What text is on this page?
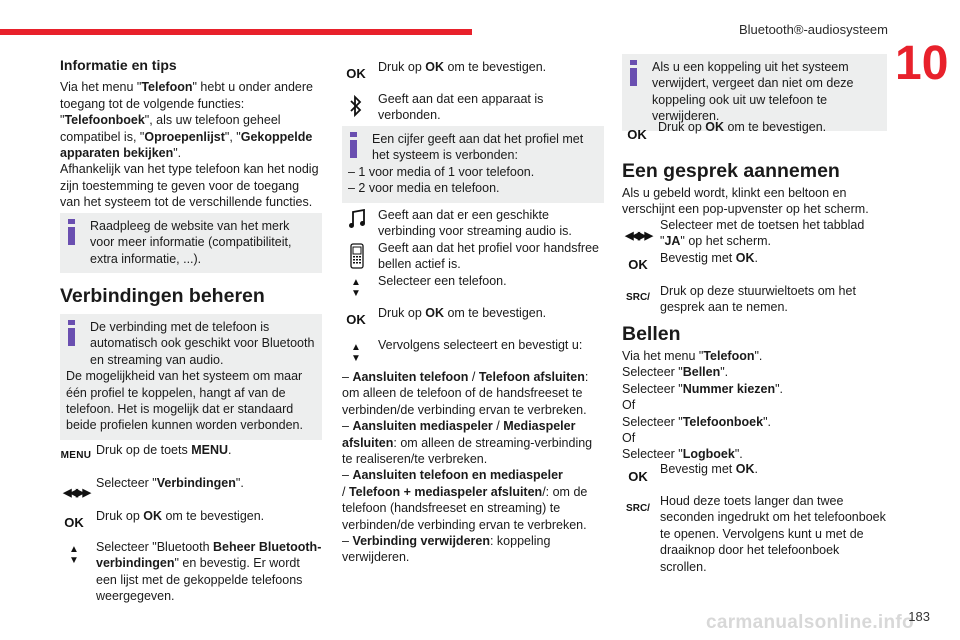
Bluetooth®-audiosysteem
10
Informatie en tips

Via het menu "Telefoon" hebt u onder andere toegang tot de volgende functies: "Telefoonboek", als uw telefoon geheel compatibel is, "Oproepenlijst", "Gekoppelde apparaten bekijken".

Afhankelijk van het type telefoon kan het nodig zijn toestemming te geven voor de toegang van het systeem tot de verschillende functies.

Raadpleeg de website van het merk voor meer informatie (compatibiliteit, extra informatie, ...).

Verbindingen beheren

De verbinding met de telefoon is automatisch ook geschikt voor Bluetooth en streaming van audio.

De mogelijkheid van het systeem om maar één profiel te koppelen, hangt af van de telefoon. Het is mogelijk dat er standaard beide profielen kunnen worden verbonden.

MENU Druk op de toets MENU.
◀◀▶▶
Selecteer "Verbindingen".
OK Druk op OK om te bevestigen.
▲
▼
Selecteer "Bluetooth Beheer Bluetooth-verbindingen" en bevestig. Er wordt een lijst met de gekoppelde telefoons weergegeven.
OK Druk op OK om te bevestigen.
Geeft aan dat een apparaat is verbonden.

Een cijfer geeft aan dat het profiel met het systeem is verbonden:

– 1 voor media of 1 voor telefoon.

– 2 voor media en telefoon.

Geeft aan dat er een geschikte verbinding voor streaming audio is.
Geeft aan dat het profiel voor handsfree bellen actief is.
▲
▼
Selecteer een telefoon.
OK Druk op OK om te bevestigen.
▲
▼
Vervolgens selecteert en bevestigt u:

– Aansluiten telefoon / Telefoon afsluiten: om alleen de telefoon of de handsfreeset te verbinden/de verbinding ervan te verbreken.

– Aansluiten mediaspeler / Mediaspeler afsluiten: om alleen de streaming-verbinding te realiseren/te verbreken.

– Aansluiten telefoon en mediaspeler
/ Telefoon + mediaspeler afsluiten/: om de telefoon (handsfreeset en streaming) te verbinden/de verbinding ervan te verbreken.

– Verbinding verwijderen: koppeling verwijderen.

Als u een koppeling uit het systeem verwijdert, vergeet dan niet om deze koppeling ook uit uw telefoon te verwijderen.

OK Druk op OK om te bevestigen.
Een gesprek aannemen
Als u gebeld wordt, klinkt een beltoon en verschijnt een pop-upvenster op het scherm.
◀◀▶▶
Selecteer met de toetsen het tabblad "JA" op het scherm.
OK Bevestig met OK.
SRC/ Druk op deze stuurwieltoets om het gesprek aan te nemen.
Bellen

Via het menu "Telefoon".

Selecteer "Bellen".

Selecteer "Nummer kiezen".

Of

Selecteer "Telefoonboek".

Of

Selecteer "Logboek".

OK Bevestig met OK.
SRC/
Houd deze toets langer dan twee seconden ingedrukt om het telefoonboek te openen. Vervolgens kunt u met de draaiknop door het telefoonboek scrollen.
carmanualsonline.info
183
